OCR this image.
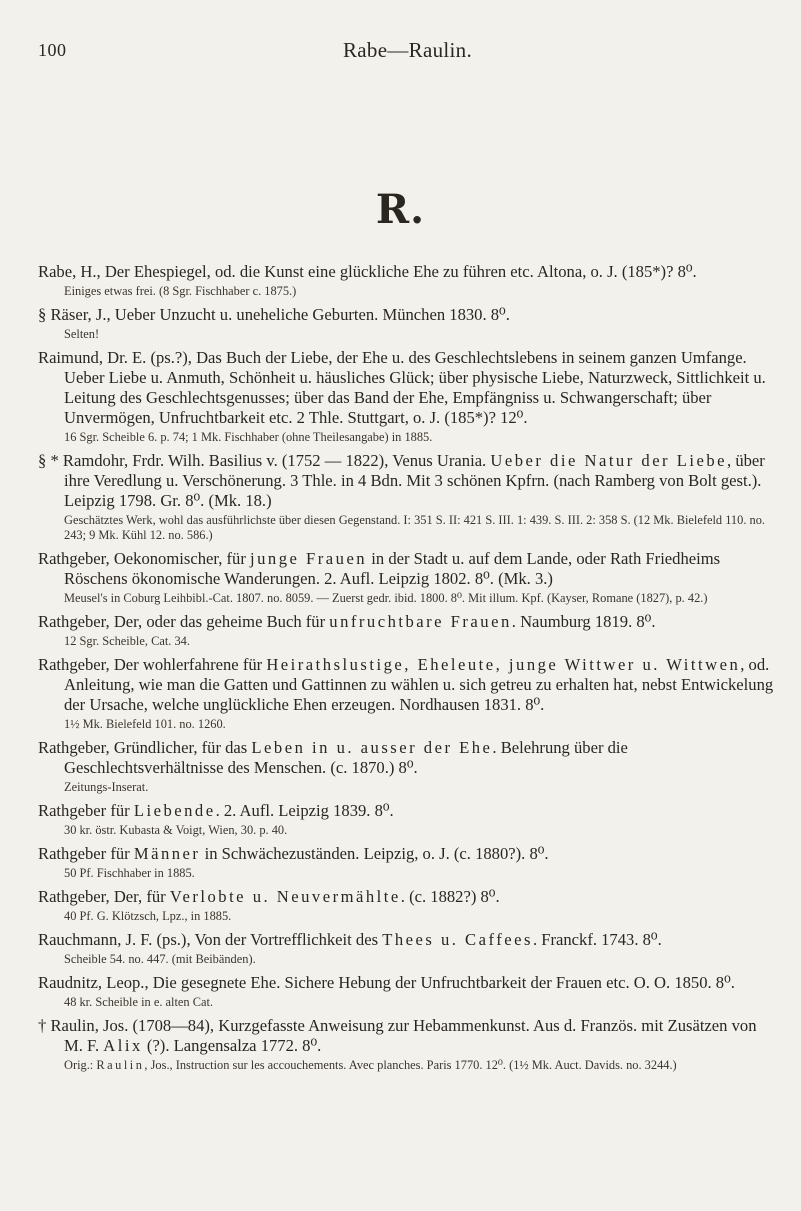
100	Rabe—Raulin.
R.
Rabe, H., Der Ehespiegel, od. die Kunst eine glückliche Ehe zu führen etc. Altona, o. J. (185*)? 8⁰.
Einiges etwas frei. (8 Sgr. Fischhaber c. 1875.)
§ Räser, J., Ueber Unzucht u. uneheliche Geburten. München 1830. 8⁰.
Selten!
Raimund, Dr. E. (ps.?), Das Buch der Liebe, der Ehe u. des Geschlechtslebens in seinem ganzen Umfange. Ueber Liebe u. Anmuth, Schönheit u. häusliches Glück; über physische Liebe, Naturzweck, Sittlichkeit u. Leitung des Geschlechtsgenusses; über das Band der Ehe, Empfängniss u. Schwangerschaft; über Unvermögen, Unfruchtbarkeit etc. 2 Thle. Stuttgart, o. J. (185*)? 12⁰.
16 Sgr. Scheible 6. p. 74; 1 Mk. Fischhaber (ohne Theilesangabe) in 1885.
§ * Ramdohr, Frdr. Wilh. Basilius v. (1752 — 1822), Venus Urania. Ueber die Natur der Liebe, über ihre Veredlung u. Verschönerung. 3 Thle. in 4 Bdn. Mit 3 schönen Kpfrn. (nach Ramberg von Bolt gest.). Leipzig 1798. Gr. 8⁰. (Mk. 18.)
Geschätztes Werk, wohl das ausführlichste über diesen Gegenstand. I: 351 S. II: 421 S. III. 1: 439. S. III. 2: 358 S. (12 Mk. Bielefeld 110. no. 243; 9 Mk. Kühl 12. no. 586.)
Rathgeber, Oekonomischer, für junge Frauen in der Stadt u. auf dem Lande, oder Rath Friedheims Röschens ökonomische Wanderungen. 2. Aufl. Leipzig 1802. 8⁰. (Mk. 3.)
Meusel's in Coburg Leihbibl.-Cat. 1807. no. 8059. — Zuerst gedr. ibid. 1800. 8⁰. Mit illum. Kpf. (Kayser, Romane (1827), p. 42.)
Rathgeber, Der, oder das geheime Buch für unfruchtbare Frauen. Naumburg 1819. 8⁰.
12 Sgr. Scheible, Cat. 34.
Rathgeber, Der wohlerfahrene für Heirathslustige, Eheleute, junge Wittwer u. Wittwen, od. Anleitung, wie man die Gatten und Gattinnen zu wählen u. sich getreu zu erhalten hat, nebst Entwickelung der Ursache, welche unglückliche Ehen erzeugen. Nordhausen 1831. 8⁰.
1½ Mk. Bielefeld 101. no. 1260.
Rathgeber, Gründlicher, für das Leben in u. ausser der Ehe. Belehrung über die Geschlechtsverhältnisse des Menschen. (c. 1870.) 8⁰.
Zeitungs-Inserat.
Rathgeber für Liebende. 2. Aufl. Leipzig 1839. 8⁰.
30 kr. östr. Kubasta & Voigt, Wien, 30. p. 40.
Rathgeber für Männer in Schwächezuständen. Leipzig, o. J. (c. 1880?). 8⁰.
50 Pf. Fischhaber in 1885.
Rathgeber, Der, für Verlobte u. Neuvermählte. (c. 1882?) 8⁰.
40 Pf. G. Klötzsch, Lpz., in 1885.
Rauchmann, J. F. (ps.), Von der Vortrefflichkeit des Thees u. Caffees. Franckf. 1743. 8⁰.
Scheible 54. no. 447. (mit Beibänden).
Raudnitz, Leop., Die gesegnete Ehe. Sichere Hebung der Unfruchtbarkeit der Frauen etc. O. O. 1850. 8⁰.
48 kr. Scheible in e. alten Cat.
† Raulin, Jos. (1708—84), Kurzgefasste Anweisung zur Hebammenkunst. Aus d. Französ. mit Zusätzen von M. F. Alix (?). Langensalza 1772. 8⁰.
Orig.: Raulin, Jos., Instruction sur les accouchements. Avec planches. Paris 1770. 12⁰. (1½ Mk. Auct. Davids. no. 3244.)
